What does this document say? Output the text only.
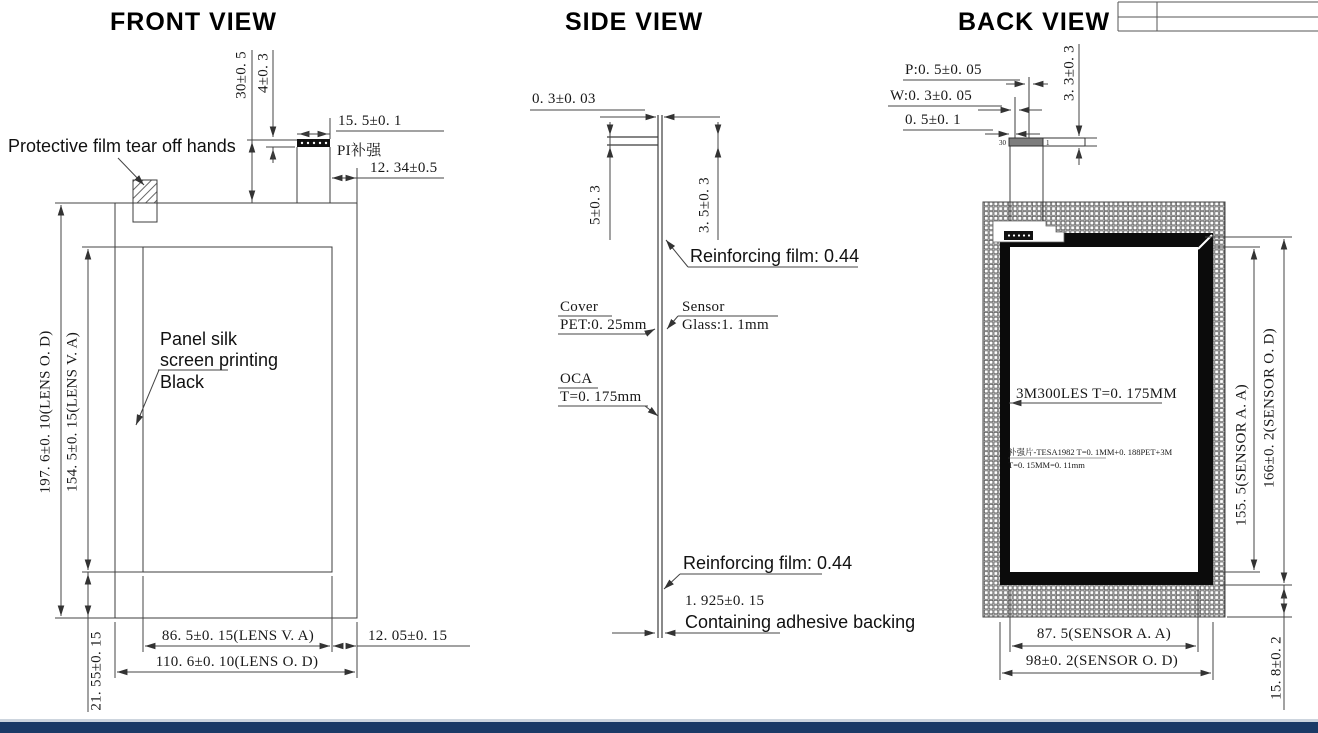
FRONT VIEW	SIDE VIEW	BACK VIEW
Protective film tear off hands
30±0. 5 4±0. 3
15. 5±0. 1
PI补强
12. 34±0.5
197. 6±0. 10(LENS O. D) 154. 5±0. 15(LENS V. A)
21. 55±0. 15
Panel silk
screen printing
Black
86. 5±0. 15(LENS V. A)
110. 6±0. 10(LENS O. D)
12. 05±0. 15
0. 3±0. 03
5±0. 3	3. 5±0. 3
Reinforcing film: 0.44
Cover
PET:0. 25mm
Sensor
Glass:1. 1mm
OCA
T=0. 175mm
Reinforcing film: 0.44
1. 925±0. 15
Containing adhesive backing
P:0. 5±0. 05
W:0. 3±0. 05
0. 5±0. 1
3. 3±0. 3
155. 5(SENSOR A. A) 166±0. 2(SENSOR O. D)
15. 8±0. 2
87. 5(SENSOR A. A)
98±0. 2(SENSOR O. D)
3M300LES T=0. 175MM
补强片-TESA1982 T=0. 1MM+0. 188PET+3M
T=0. 15MM=0. 11mm
30	1
